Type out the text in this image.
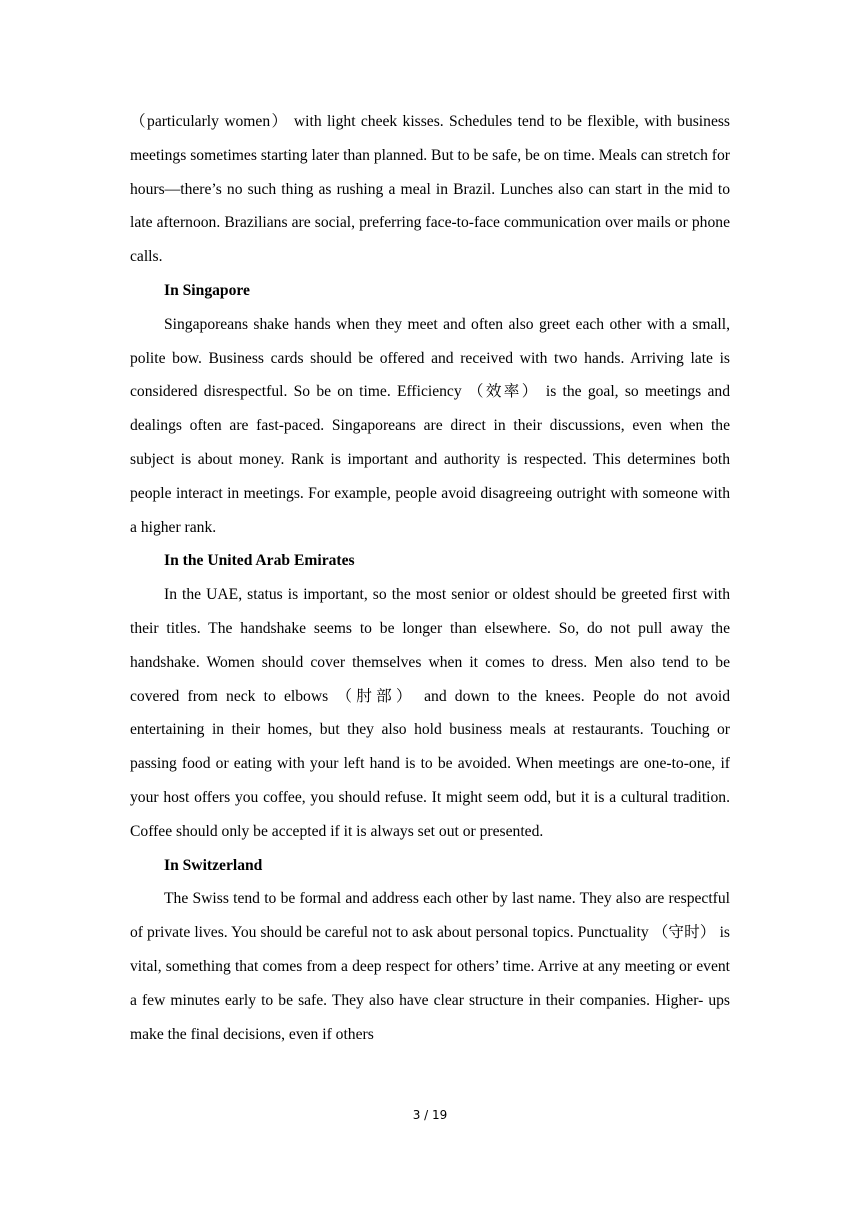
（particularly women） with light cheek kisses. Schedules tend to be flexible, with business meetings sometimes starting later than planned. But to be safe, be on time. Meals can stretch for hours—there’s no such thing as rushing a meal in Brazil. Lunches also can start in the mid to late afternoon. Brazilians are social, preferring face-to-face communication over mails or phone calls.

In Singapore

Singaporeans shake hands when they meet and often also greet each other with a small, polite bow. Business cards should be offered and received with two hands. Arriving late is considered disrespectful. So be on time. Efficiency （效率） is the goal, so meetings and dealings often are fast-paced. Singaporeans are direct in their discussions, even when the subject is about money. Rank is important and authority is respected. This determines both people interact in meetings. For example, people avoid disagreeing outright with someone with a higher rank.

In the United Arab Emirates

In the UAE, status is important, so the most senior or oldest should be greeted first with their titles. The handshake seems to be longer than elsewhere. So, do not pull away the handshake. Women should cover themselves when it comes to dress. Men also tend to be covered from neck to elbows （肘部） and down to the knees. People do not avoid entertaining in their homes, but they also hold business meals at restaurants. Touching or passing food or eating with your left hand is to be avoided. When meetings are one-to-one, if your host offers you coffee, you should refuse. It might seem odd, but it is a cultural tradition. Coffee should only be accepted if it is always set out or presented.

In Switzerland

The Swiss tend to be formal and address each other by last name. They also are respectful of private lives. You should be careful not to ask about personal topics. Punctuality （守时） is vital, something that comes from a deep respect for others’ time. Arrive at any meeting or event a few minutes early to be safe. They also have clear structure in their companies. Higher- ups make the final decisions, even if others

3 / 19
